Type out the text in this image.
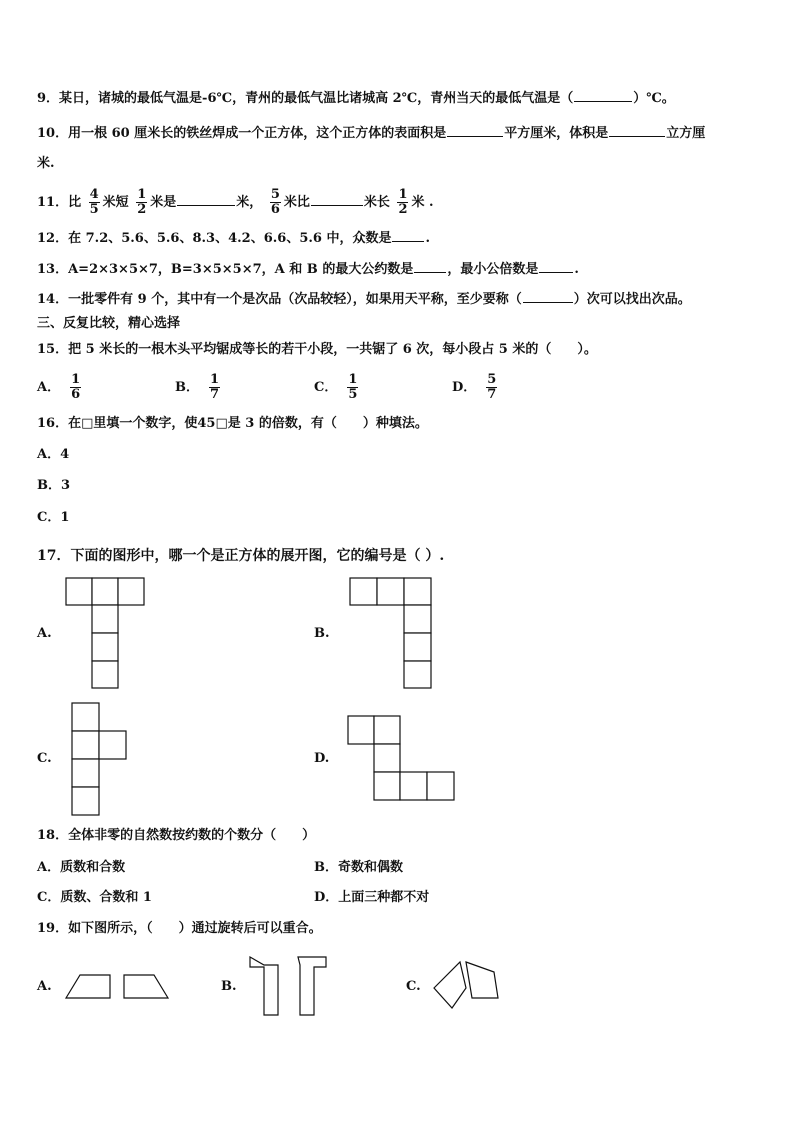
9．某日，诸城的最低气温是-6℃，青州的最低气温比诸城高 2℃，青州当天的最低气温是（	）℃。
10．用一根 60 厘米长的铁丝焊成一个正方体，这个正方体的表面积是	平方厘米，体积是	立方厘
米.
11．比 $\frac{4}{5}$ 米短 $\frac{1}{2}$ 米是	米， $\frac{5}{6}$ 米比	米长 $\frac{1}{2}$ 米 .
12．在 7.2、5.6、5.6、8.3、4.2、6.6、5.6 中，众数是	.
13．A=2×3×5×7，B=3×5×5×7，A 和 B 的最大公约数是	，最小公倍数是	.
14．一批零件有 9 个，其中有一个是次品（次品较轻），如果用天平称，至少要称（	）次可以找出次品。
三、反复比较，精心选择
15．把 5 米长的一根木头平均锯成等长的若干小段，一共锯了 6 次，每小段占 5 米的（　　）。
A． $\frac{1}{6}$	B． $\frac{1}{7}$	C． $\frac{1}{5}$	D． $\frac{5}{7}$
16．在□里填一个数字，使45□是 3 的倍数，有（　　）种填法。
A．4
B．3
C．1
17．下面的图形中，哪一个是正方体的展开图，它的编号是（ ）.
A.	B.
C.	D.
18．全体非零的自然数按约数的个数分（　　）
A．质数和合数	B．奇数和偶数
C．质数、合数和 1	D．上面三种都不对
19．如下图所示，（　　）通过旋转后可以重合。
A.	B.	C.
